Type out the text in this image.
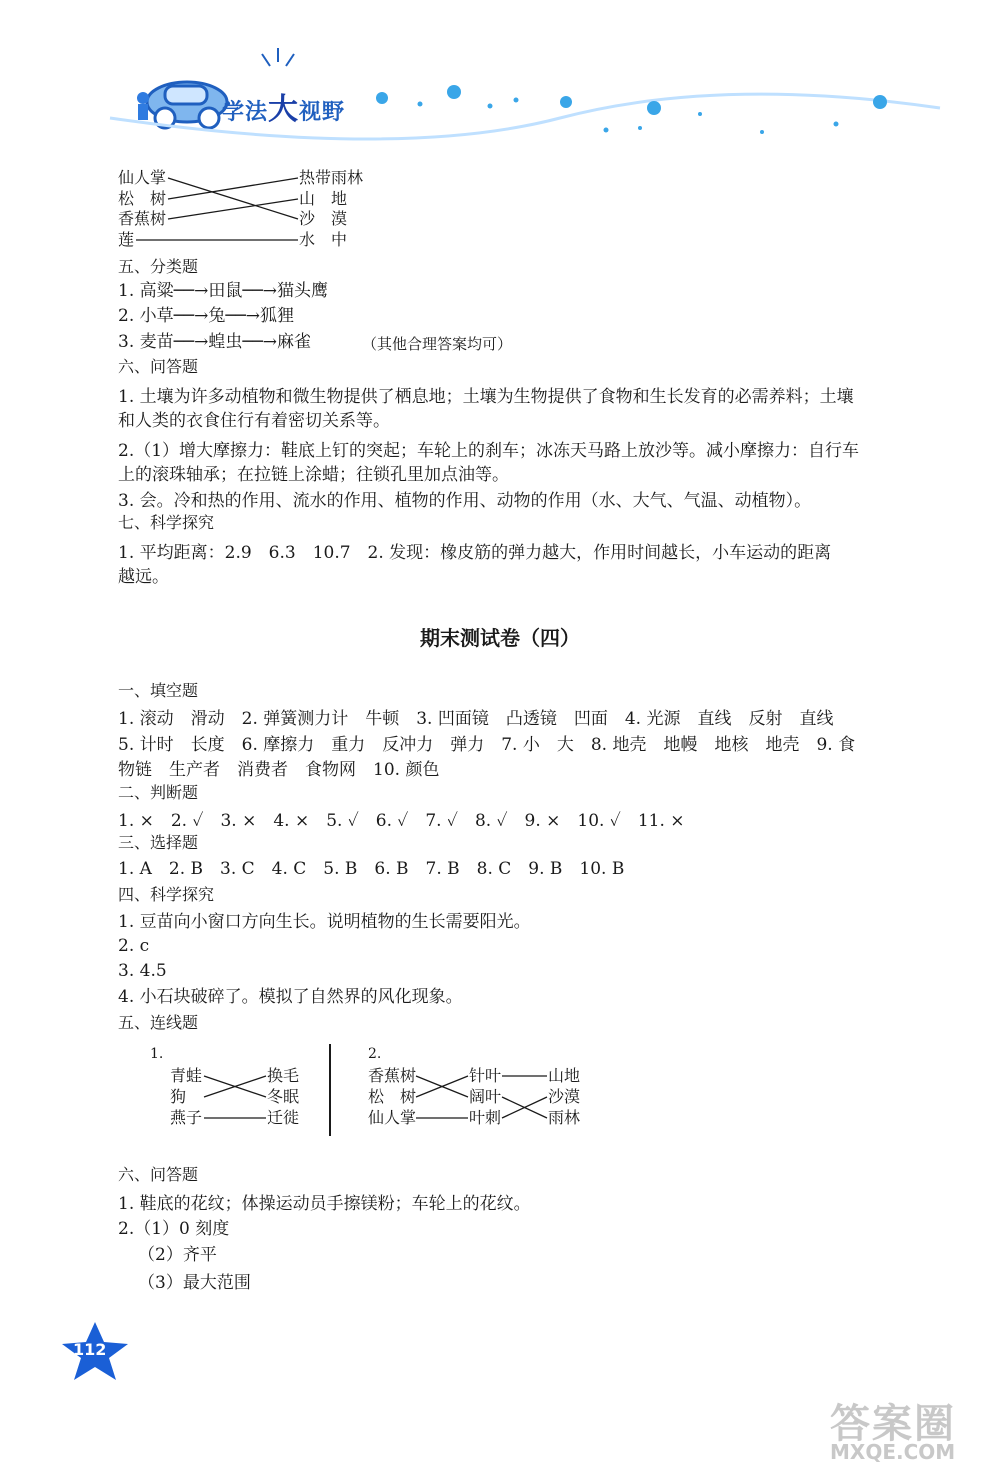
学法大视野
仙人掌
松　树
香蕉树
莲
热带雨林
山　地
沙　漠
水　中
五、分类题
1. 高粱──→田鼠──→猫头鹰
2. 小草──→兔──→狐狸
3. 麦苗──→蝗虫──→麻雀	（其他合理答案均可）
六、问答题
1. 土壤为许多动植物和微生物提供了栖息地；土壤为生物提供了食物和生长发育的必需养料；土壤
和人类的衣食住行有着密切关系等。
2.（1）增大摩擦力：鞋底上钉的突起；车轮上的刹车；冰冻天马路上放沙等。减小摩擦力：自行车
上的滚珠轴承；在拉链上涂蜡；往锁孔里加点油等。
3. 会。冷和热的作用、流水的作用、植物的作用、动物的作用（水、大气、气温、动植物）。
七、科学探究
1. 平均距离：2.9　6.3　10.7　2. 发现：橡皮筋的弹力越大，作用时间越长，小车运动的距离
越远。
期末测试卷（四）
一、填空题
1. 滚动　滑动　2. 弹簧测力计　牛顿　3. 凹面镜　凸透镜　凹面　4. 光源　直线　反射　直线
5. 计时　长度　6. 摩擦力　重力　反冲力　弹力　7. 小　大　8. 地壳　地幔　地核　地壳　9. 食
物链　生产者　消费者　食物网　10. 颜色
二、判断题
1. ×　2. ✓　3. ×　4. ×　5. ✓　6. ✓　7. ✓　8. ✓　9. ×　10. ✓　11. ×
三、选择题
1. A　2. B　3. C　4. C　5. B　6. B　7. B　8. C　9. B　10. B
四、科学探究
1. 豆苗向小窗口方向生长。说明植物的生长需要阳光。
2. c
3. 4.5
4. 小石块破碎了。模拟了自然界的风化现象。
五、连线题
1.
青蛙
狗
燕子
换毛
冬眠
迁徙
2.
香蕉树
松　树
仙人掌
针叶
阔叶
叶刺
山地
沙漠
雨林
六、问答题
1. 鞋底的花纹；体操运动员手擦镁粉；车轮上的花纹。
2.（1）0 刻度
（2）齐平
（3）最大范围
112
答案圈
MXQE.COM
